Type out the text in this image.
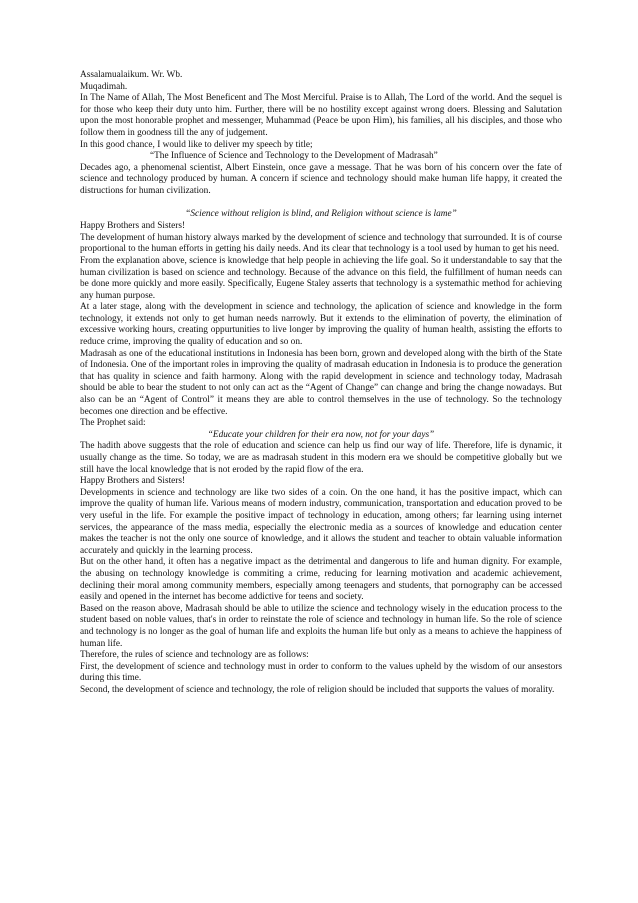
Assalamualaikum. Wr. Wb.

Muqadimah.

In The Name of Allah, The Most Beneficent and The Most Merciful. Praise is to Allah, The Lord of the world. And the sequel is for those who keep their duty unto him. Further, there will be no hostility except against wrong doers. Blessing and Salutation upon the most honorable prophet and messenger, Muhammad (Peace be upon Him), his families, all his disciples, and those who follow them in goodness till the any of judgement.

In this good chance, I would like to deliver my speech by title;

“The Influence of Science and Technology to the Development of Madrasah”

Decades ago, a phenomenal scientist, Albert Einstein, once gave a message. That he was born of his concern over the fate of science and technology produced by human. A concern if science and technology should make human life happy, it created the distructions for human civilization.

“Science without religion is blind, and Religion without science is lame”

Happy Brothers and Sisters!

The development of human history always marked by the development of science and technology that surrounded. It is of course proportional to the human efforts in getting his daily needs. And its clear that technology is a tool used by human to get his need.

From the explanation above, science is knowledge that help people in achieving the life goal. So it understandable to say that the human civilization is based on science and technology. Because of the advance on this field, the fulfillment of human needs can be done more quickly and more easily. Specifically, Eugene Staley asserts that technology is a systemathic method for achieving any human purpose.

At a later stage, along with the development in science and technology, the aplication of science and knowledge in the form technology, it extends not only to get human needs narrowly. But it extends to the elimination of poverty, the elimination of excessive working hours, creating oppurtunities to live longer by improving the quality of human health, assisting the efforts to reduce crime, improving the quality of education and so on.

Madrasah as one of the educational institutions in Indonesia has been born, grown and developed along with the birth of the State of Indonesia. One of the important roles in improving the quality of madrasah education in Indonesia is to produce the generation that has quality in science and faith harmony. Along with the rapid development in science and technology today, Madrasah should be able to bear the student to not only can act as the “Agent of Change” can change and bring the change nowadays. But also can be an “Agent of Control” it means they are able to control themselves in the use of technology. So the technology becomes one direction and be effective.

The Prophet said:

“Educate your children for their era now, not for your days”

The hadith above suggests that the role of education and science can help us find our way of life. Therefore, life is dynamic, it usually change as the time. So today, we are as madrasah student in this modern era we should be competitive globally but we still have the local knowledge that is not eroded by the rapid flow of the era.

Happy Brothers and Sisters!

Developments in science and technology are like two sides of a coin. On the one hand, it has the positive impact, which can improve the quality of human life. Various means of modern industry, communication, transportation and education proved to be very useful in the life. For example the positive impact of technology in education, among others; far learning using internet services, the appearance of the mass media, especially the electronic media as a sources of knowledge and education center makes the teacher is not the only one source of knowledge, and it allows the student and teacher to obtain valuable information accurately and quickly in the learning process.

But on the other hand, it often has a negative impact as the detrimental and dangerous to life and human dignity. For example, the abusing on technology knowledge is commiting a crime, reducing for learning motivation and academic achievement, declining their moral among community members, especially among teenagers and students, that pornography can be accessed easily and opened in the internet has become addictive for teens and society.

Based on the reason above, Madrasah should be able to utilize the science and technology wisely in the education process to the student based on noble values, that's in order to reinstate the role of science and technology in human life. So the role of science and technology is no longer as the goal of human life and exploits the human life but only as a means to achieve the happiness of human life.

Therefore, the rules of science and technology are as follows:

First, the development of science and technology must in order to conform to the values upheld by the wisdom of our ansestors during this time.

Second, the development of science and technology, the role of religion should be included that supports the values of morality.
